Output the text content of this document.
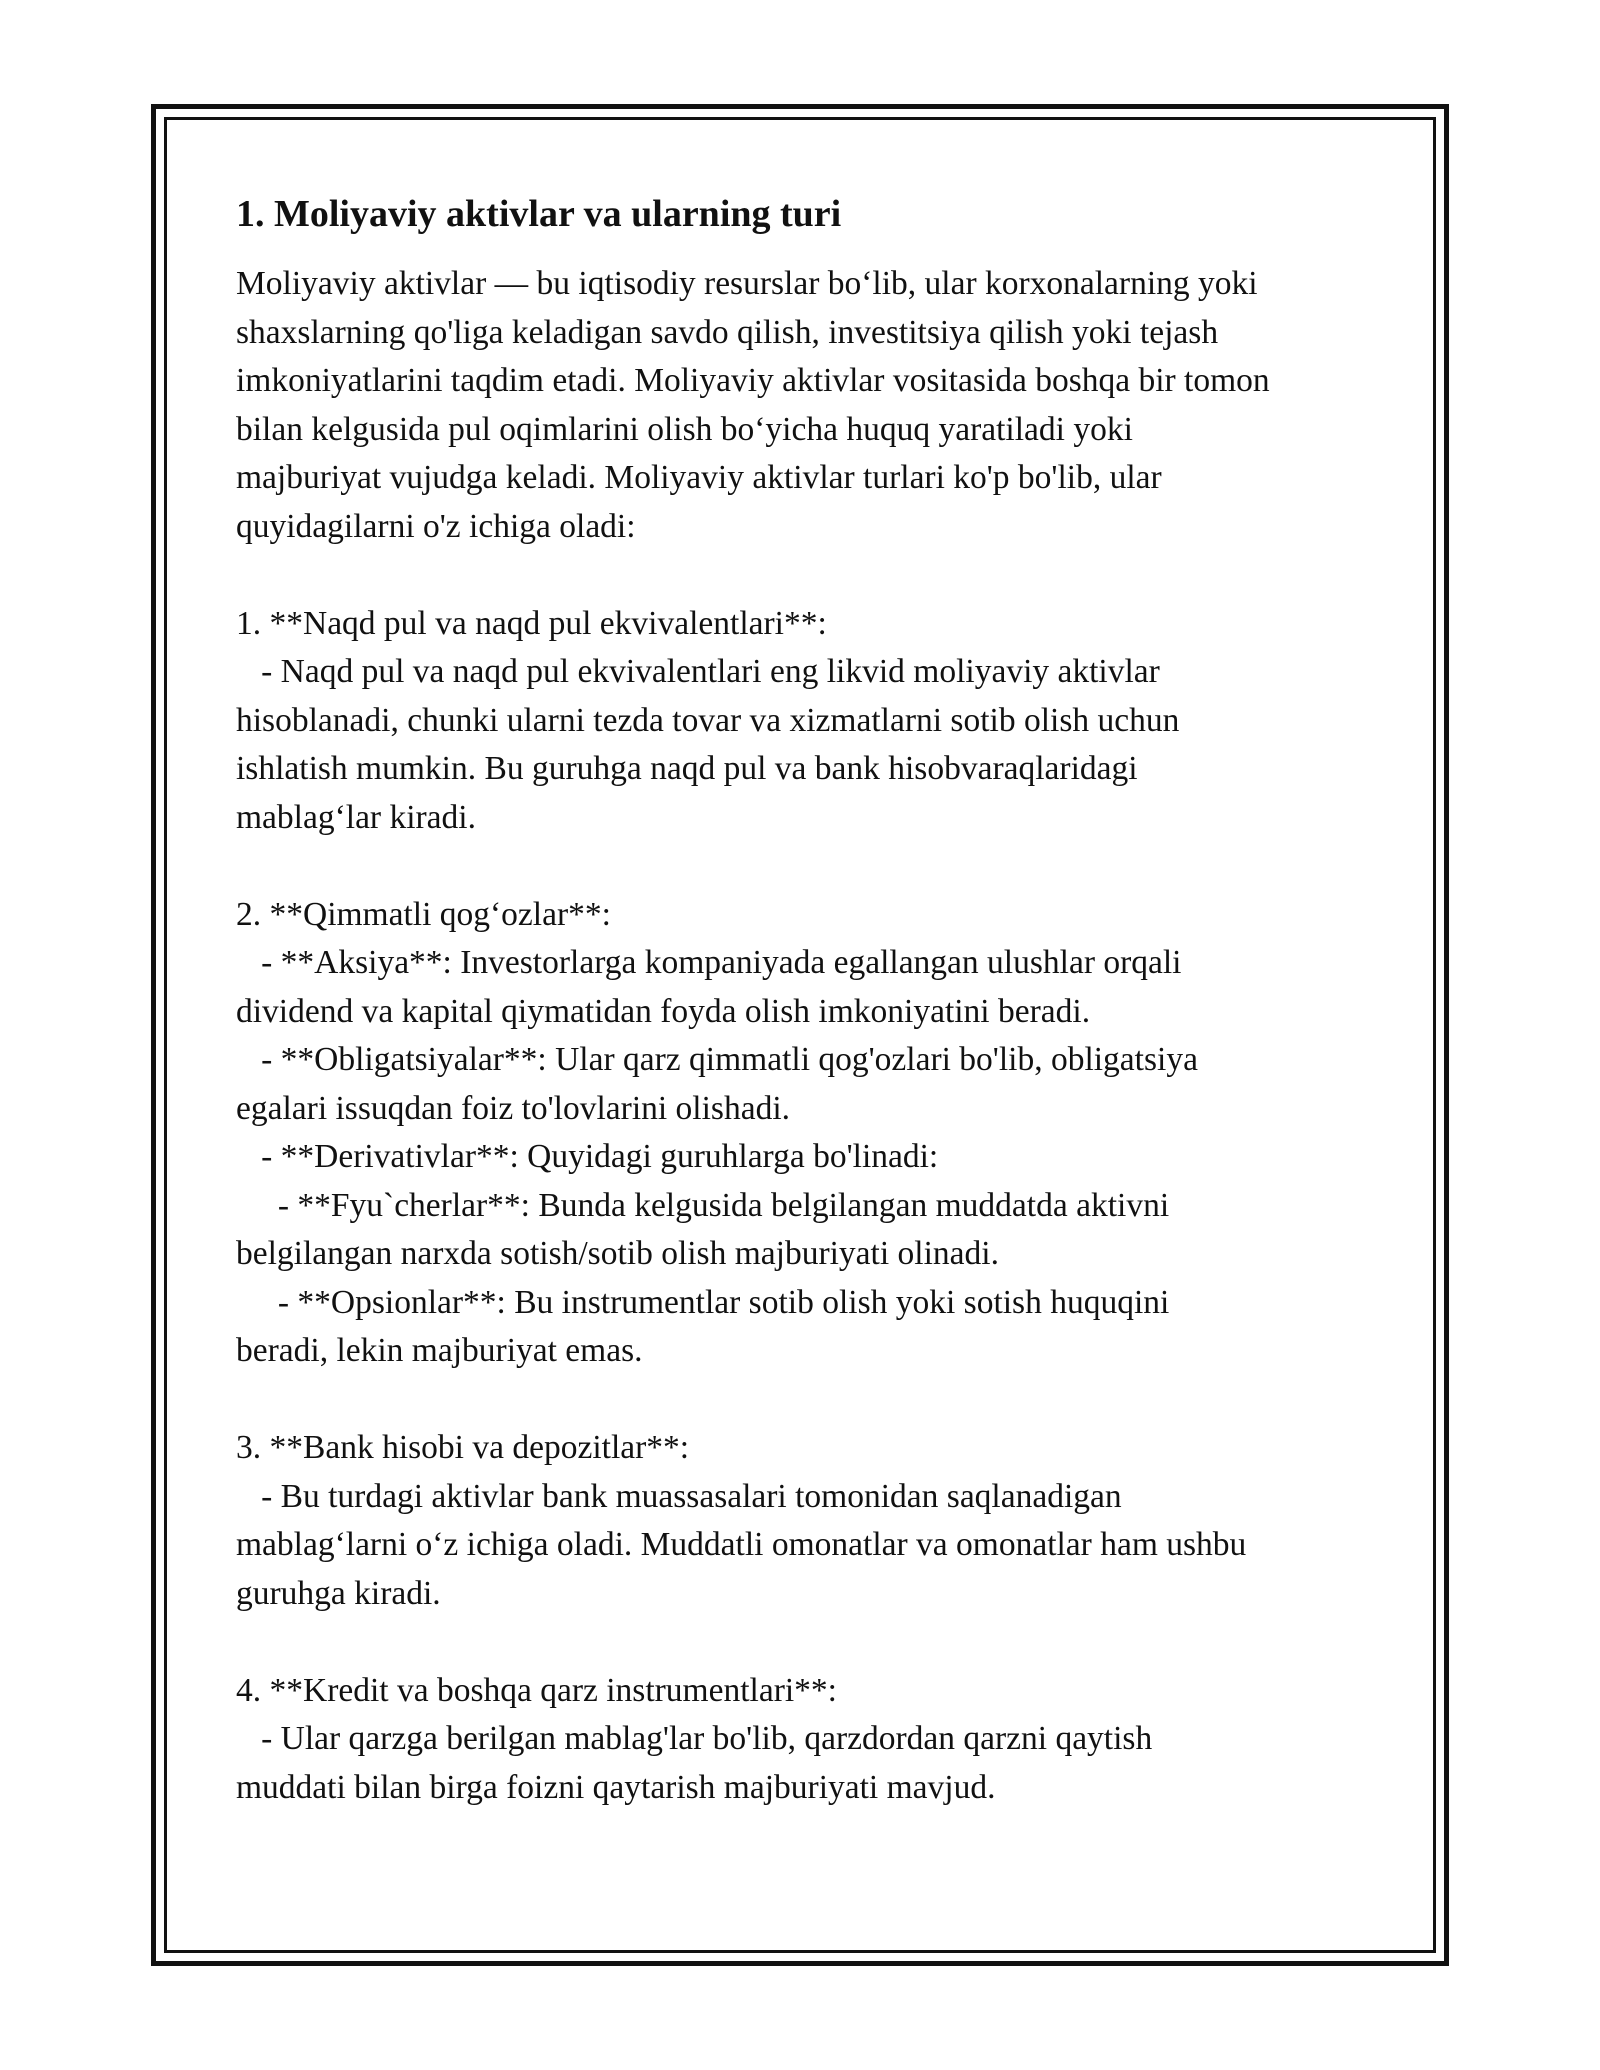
1. Moliyaviy aktivlar va ularning turi
Moliyaviy aktivlar — bu iqtisodiy resurslar bo‘lib, ular korxonalarning yoki
shaxslarning qo'liga keladigan savdo qilish, investitsiya qilish yoki tejash
imkoniyatlarini taqdim etadi. Moliyaviy aktivlar vositasida boshqa bir tomon
bilan kelgusida pul oqimlarini olish bo‘yicha huquq yaratiladi yoki
majburiyat vujudga keladi. Moliyaviy aktivlar turlari ko'p bo'lib, ular
quyidagilarni o'z ichiga oladi:
1. **Naqd pul va naqd pul ekvivalentlari**:
- Naqd pul va naqd pul ekvivalentlari eng likvid moliyaviy aktivlar
hisoblanadi, chunki ularni tezda tovar va xizmatlarni sotib olish uchun
ishlatish mumkin. Bu guruhga naqd pul va bank hisobvaraqlaridagi
mablag‘lar kiradi.
2. **Qimmatli qog‘ozlar**:
- **Aksiya**: Investorlarga kompaniyada egallangan ulushlar orqali
dividend va kapital qiymatidan foyda olish imkoniyatini beradi.
- **Obligatsiyalar**: Ular qarz qimmatli qog'ozlari bo'lib, obligatsiya
egalari issuqdan foiz to'lovlarini olishadi.
- **Derivativlar**: Quyidagi guruhlarga bo'linadi:
- **Fyu`cherlar**: Bunda kelgusida belgilangan muddatda aktivni
belgilangan narxda sotish/sotib olish majburiyati olinadi.
- **Opsionlar**: Bu instrumentlar sotib olish yoki sotish huquqini
beradi, lekin majburiyat emas.
3. **Bank hisobi va depozitlar**:
- Bu turdagi aktivlar bank muassasalari tomonidan saqlanadigan
mablag‘larni o‘z ichiga oladi. Muddatli omonatlar va omonatlar ham ushbu
guruhga kiradi.
4. **Kredit va boshqa qarz instrumentlari**:
- Ular qarzga berilgan mablag'lar bo'lib, qarzdordan qarzni qaytish
muddati bilan birga foizni qaytarish majburiyati mavjud.
